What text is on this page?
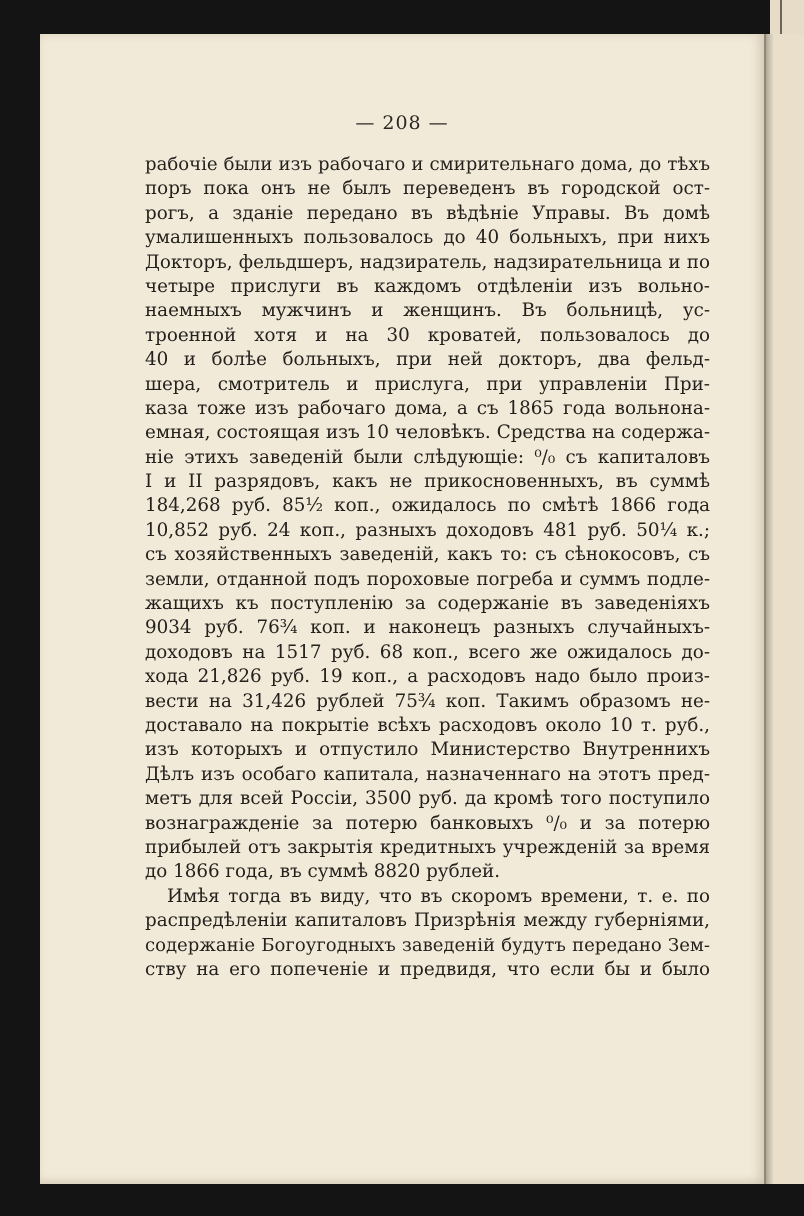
— 208 —
рабочіе были изъ рабочаго и смирительнаго дома, до тѣхъ
поръ пока онъ не былъ переведенъ въ городской ост-
рогъ, а зданіе передано въ вѣдѣніе Управы. Въ домѣ
умалишенныхъ пользовалось до 40 больныхъ, при нихъ
Докторъ, фельдшеръ, надзиратель, надзирательница и по
четыре прислуги въ каждомъ отдѣленіи изъ вольно-
наемныхъ мужчинъ и женщинъ. Въ больницѣ, ус-
троенной хотя и на 30 кроватей, пользовалось до
40 и болѣе больныхъ, при ней докторъ, два фельд-
шера, смотритель и прислуга, при управленіи При-
каза тоже изъ рабочаго дома, а съ 1865 года вольнона-
емная, состоящая изъ 10 человѣкъ. Средства на содержа-
ніе этихъ заведеній были слѣдующіе: ⁰/₀ съ капиталовъ
I и II разрядовъ, какъ не прикосновенныхъ, въ суммѣ
184,268 руб. 85½ коп., ожидалось по смѣтѣ 1866 года
10,852 руб. 24 коп., разныхъ доходовъ 481 руб. 50¼ к.;
съ хозяйственныхъ заведеній, какъ то: съ сѣнокосовъ, съ
земли, отданной подъ пороховые погреба и суммъ подле-
жащихъ къ поступленію за содержаніе въ заведеніяхъ
9034 руб. 76¾ коп. и наконецъ разныхъ случайныхъ-
доходовъ на 1517 руб. 68 коп., всего же ожидалось до-
хода 21,826 руб. 19 коп., а расходовъ надо было произ-
вести на 31,426 рублей 75¾ коп. Такимъ образомъ не-
доставало на покрытіе всѣхъ расходовъ около 10 т. руб.,
изъ которыхъ и отпустило Министерство Внутреннихъ
Дѣлъ изъ особаго капитала, назначеннаго на этотъ пред-
метъ для всей Россіи, 3500 руб. да кромѣ того поступило
вознагражденіе за потерю банковыхъ ⁰/₀ и за потерю
прибылей отъ закрытія кредитныхъ учрежденій за время
до 1866 года, въ суммѣ 8820 рублей.
Имѣя тогда въ виду, что въ скоромъ времени, т. е. по
распредѣленіи капиталовъ Призрѣнія между губерніями,
содержаніе Богоугодныхъ заведеній будутъ передано Зем-
ству на его попеченіе и предвидя, что если бы и было
